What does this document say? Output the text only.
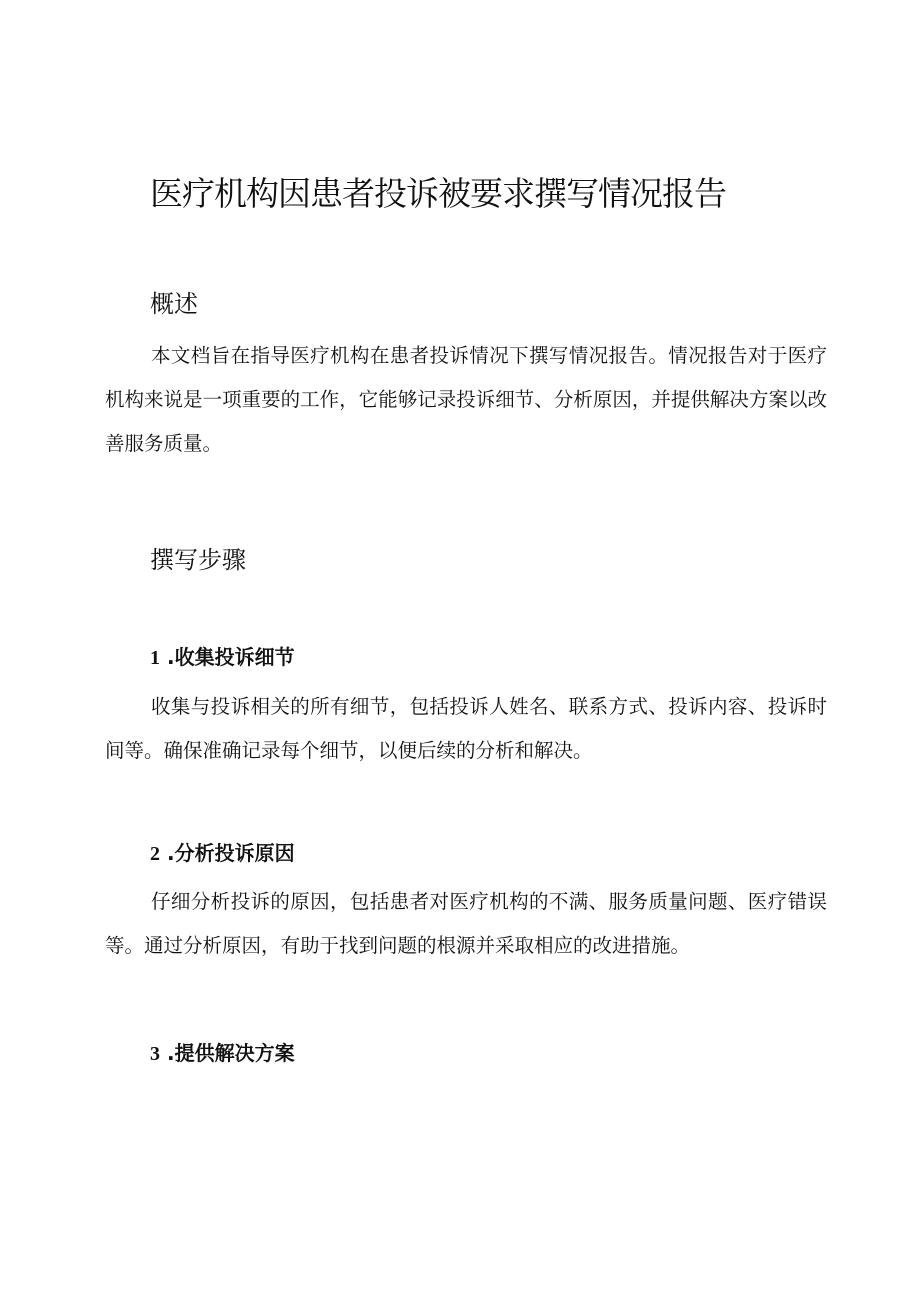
医疗机构因患者投诉被要求撰写情况报告
概述

本文档旨在指导医疗机构在患者投诉情况下撰写情况报告。情况报告对于医疗机构来说是一项重要的工作，它能够记录投诉细节、分析原因，并提供解决方案以改善服务质量。

撰写步骤
1 .收集投诉细节

收集与投诉相关的所有细节，包括投诉人姓名、联系方式、投诉内容、投诉时间等。确保准确记录每个细节，以便后续的分析和解决。

2 .分析投诉原因

仔细分析投诉的原因，包括患者对医疗机构的不满、服务质量问题、医疗错误等。通过分析原因，有助于找到问题的根源并采取相应的改进措施。

3 .提供解决方案
